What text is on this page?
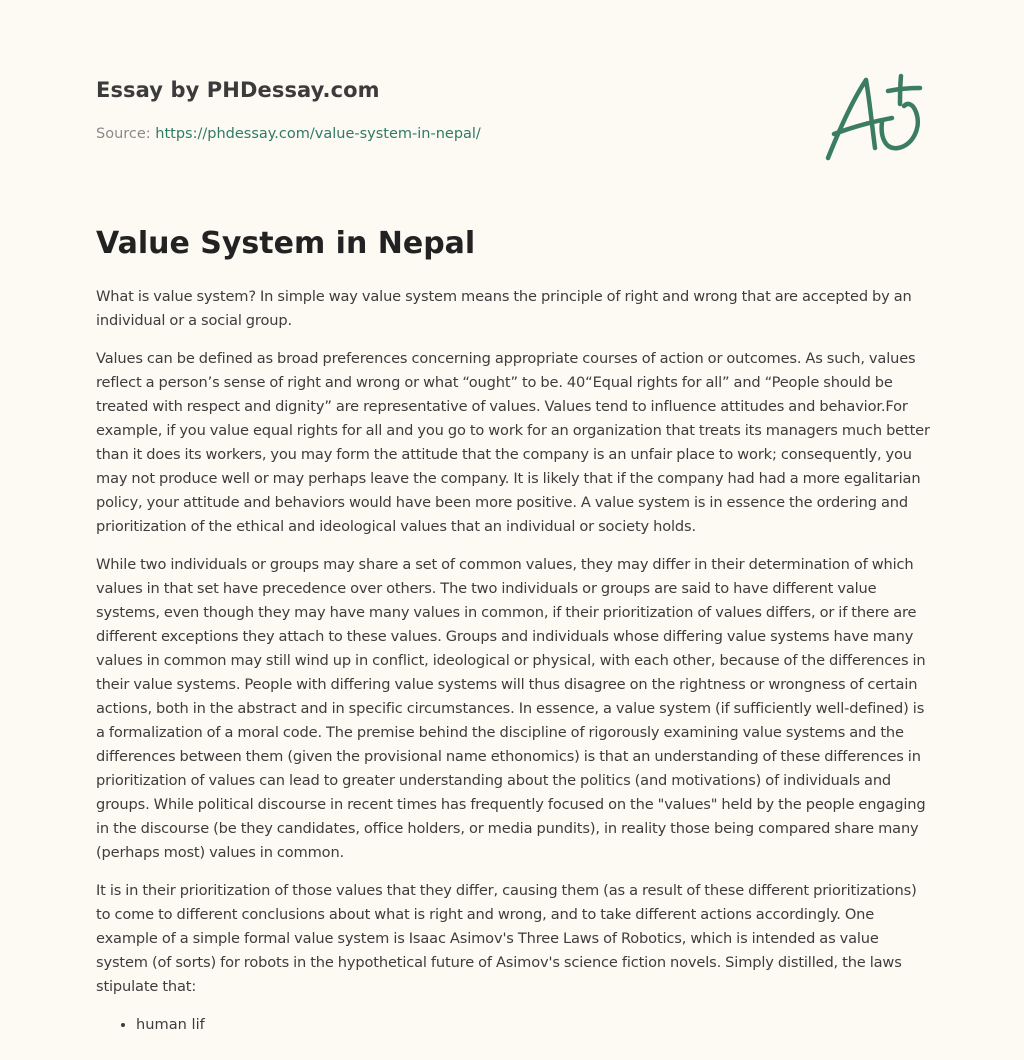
Essay by PHDessay.com
Source: https://phdessay.com/value-system-in-nepal/
Value System in Nepal

What is value system? In simple way value system means the principle of right and wrong that are accepted by an individual or a social group.

Values can be defined as broad preferences concerning appropriate courses of action or outcomes. As such, values reflect a person’s sense of right and wrong or what “ought” to be. 40“Equal rights for all” and “People should be treated with respect and dignity” are representative of values. Values tend to influence attitudes and behavior.For example, if you value equal rights for all and you go to work for an organization that treats its managers much better than it does its workers, you may form the attitude that the company is an unfair place to work; consequently, you may not produce well or may perhaps leave the company. It is likely that if the company had had a more egalitarian policy, your attitude and behaviors would have been more positive. A value system is in essence the ordering and prioritization of the ethical and ideological values that an individual or society holds.

While two individuals or groups may share a set of common values, they may differ in their determination of which values in that set have precedence over others. The two individuals or groups are said to have different value systems, even though they may have many values in common, if their prioritization of values differs, or if there are different exceptions they attach to these values. Groups and individuals whose differing value systems have many values in common may still wind up in conflict, ideological or physical, with each other, because of the differences in their value systems. People with differing value systems will thus disagree on the rightness or wrongness of certain actions, both in the abstract and in specific circumstances. In essence, a value system (if sufficiently well-defined) is a formalization of a moral code. The premise behind the discipline of rigorously examining value systems and the differences between them (given the provisional name ethonomics) is that an understanding of these differences in prioritization of values can lead to greater understanding about the politics (and motivations) of individuals and groups. While political discourse in recent times has frequently focused on the "values" held by the people engaging in the discourse (be they candidates, office holders, or media pundits), in reality those being compared share many (perhaps most) values in common.

It is in their prioritization of those values that they differ, causing them (as a result of these different prioritizations) to come to different conclusions about what is right and wrong, and to take different actions accordingly. One example of a simple formal value system is Isaac Asimov's Three Laws of Robotics, which is intended as value system (of sorts) for robots in the hypothetical future of Asimov's science fiction novels. Simply distilled, the laws stipulate that:

• human lif
